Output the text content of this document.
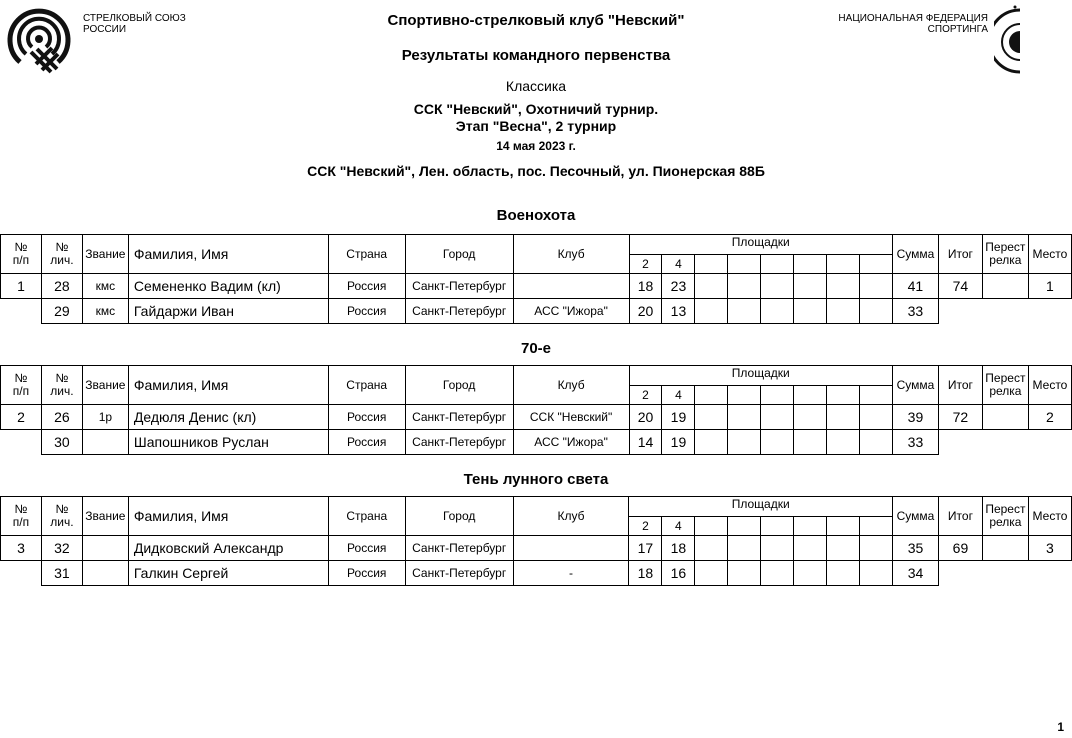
СТРЕЛКОВЫЙ СОЮЗ
РОССИИ
НАЦИОНАЛЬНАЯ ФЕДЕРАЦИЯ
СПОРТИНГА
Спортивно-стрелковый клуб "Невский"
Результаты командного первенства
Классика
ССК "Невский", Охотничий турнир.
Этап "Весна", 2 турнир
14 мая 2023 г.
ССК "Невский", Лен. область, пос. Песочный, ул. Пионерская 88Б
Военохота
№
п/п	№
лич.	Звание	Фамилия, Имя	Страна	Город	Клуб	Площадки								Сумма	Итог	Перест
релка	Место
							2	4										
1	28	кмс	Семененко Вадим (кл)	Россия	Санкт-Петербург		18	23							41	74		1
	29	кмс	Гайдаржи Иван	Россия	Санкт-Петербург	АСС "Ижора"	20	13							33			
70-е
№
п/п	№
лич.	Звание	Фамилия, Имя	Страна	Город	Клуб	Площадки								Сумма	Итог	Перест
релка	Место
							2	4										
2	26	1р	Дедюля Денис (кл)	Россия	Санкт-Петербург	ССК "Невский"	20	19							39	72		2
	30		Шапошников Руслан	Россия	Санкт-Петербург	АСС "Ижора"	14	19							33			
Тень лунного света
№
п/п	№
лич.	Звание	Фамилия, Имя	Страна	Город	Клуб	Площадки								Сумма	Итог	Перест
релка	Место
							2	4										
3	32		Дидковский Александр	Россия	Санкт-Петербург		17	18							35	69		3
	31		Галкин Сергей	Россия	Санкт-Петербург	-	18	16							34			
1
